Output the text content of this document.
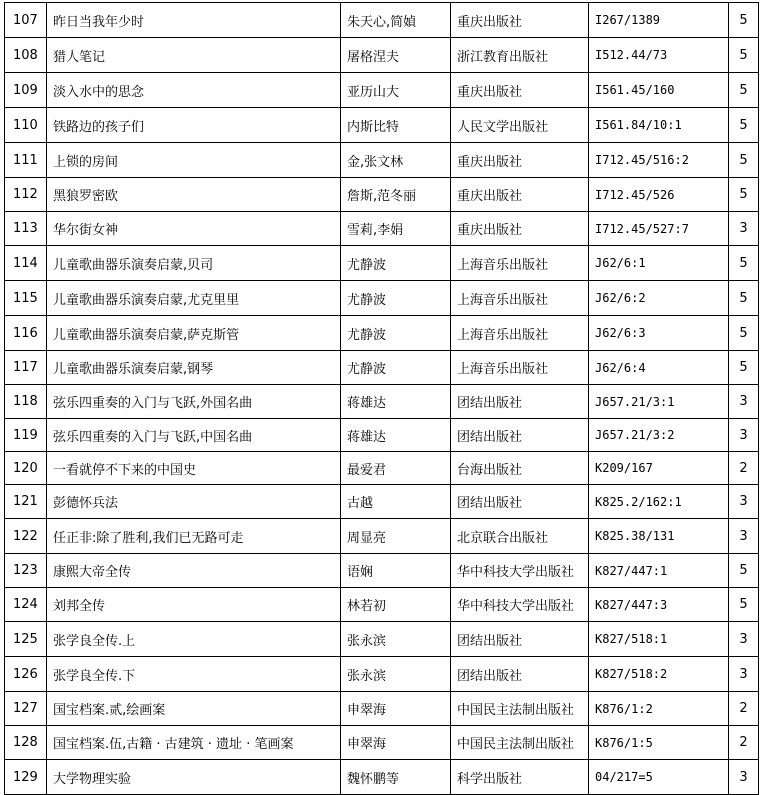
107	昨日当我年少时	朱天心,简媜	重庆出版社	I267/1389	5
108	猎人笔记	屠格涅夫	浙江教育出版社	I512.44/73	5
109	淡入水中的思念	亚历山大	重庆出版社	I561.45/160	5
110	铁路边的孩子们	内斯比特	人民文学出版社	I561.84/10:1	5
111	上锁的房间	金,张文林	重庆出版社	I712.45/516:2	5
112	黑狼罗密欧	詹斯,范冬丽	重庆出版社	I712.45/526	5
113	华尔街女神	雪莉,李娟	重庆出版社	I712.45/527:7	3
114	儿童歌曲器乐演奏启蒙,贝司	尤静波	上海音乐出版社	J62/6:1	5
115	儿童歌曲器乐演奏启蒙,尤克里里	尤静波	上海音乐出版社	J62/6:2	5
116	儿童歌曲器乐演奏启蒙,萨克斯管	尤静波	上海音乐出版社	J62/6:3	5
117	儿童歌曲器乐演奏启蒙,钢琴	尤静波	上海音乐出版社	J62/6:4	5
118	弦乐四重奏的入门与飞跃,外国名曲	蒋雄达	团结出版社	J657.21/3:1	3
119	弦乐四重奏的入门与飞跃,中国名曲	蒋雄达	团结出版社	J657.21/3:2	3
120	一看就停不下来的中国史	最爱君	台海出版社	K209/167	2
121	彭德怀兵法	古越	团结出版社	K825.2/162:1	3
122	任正非:除了胜利,我们已无路可走	周显亮	北京联合出版社	K825.38/131	3
123	康熙大帝全传	语娴	华中科技大学出版社	K827/447:1	5
124	刘邦全传	林若初	华中科技大学出版社	K827/447:3	5
125	张学良全传.上	张永滨	团结出版社	K827/518:1	3
126	张学良全传.下	张永滨	团结出版社	K827/518:2	3
127	国宝档案.贰,绘画案	申翠海	中国民主法制出版社	K876/1:2	2
128	国宝档案.伍,古籍 · 古建筑 · 遗址 · 笔画案	申翠海	中国民主法制出版社	K876/1:5	2
129	大学物理实验	魏怀鹏等	科学出版社	04/217=5	3
